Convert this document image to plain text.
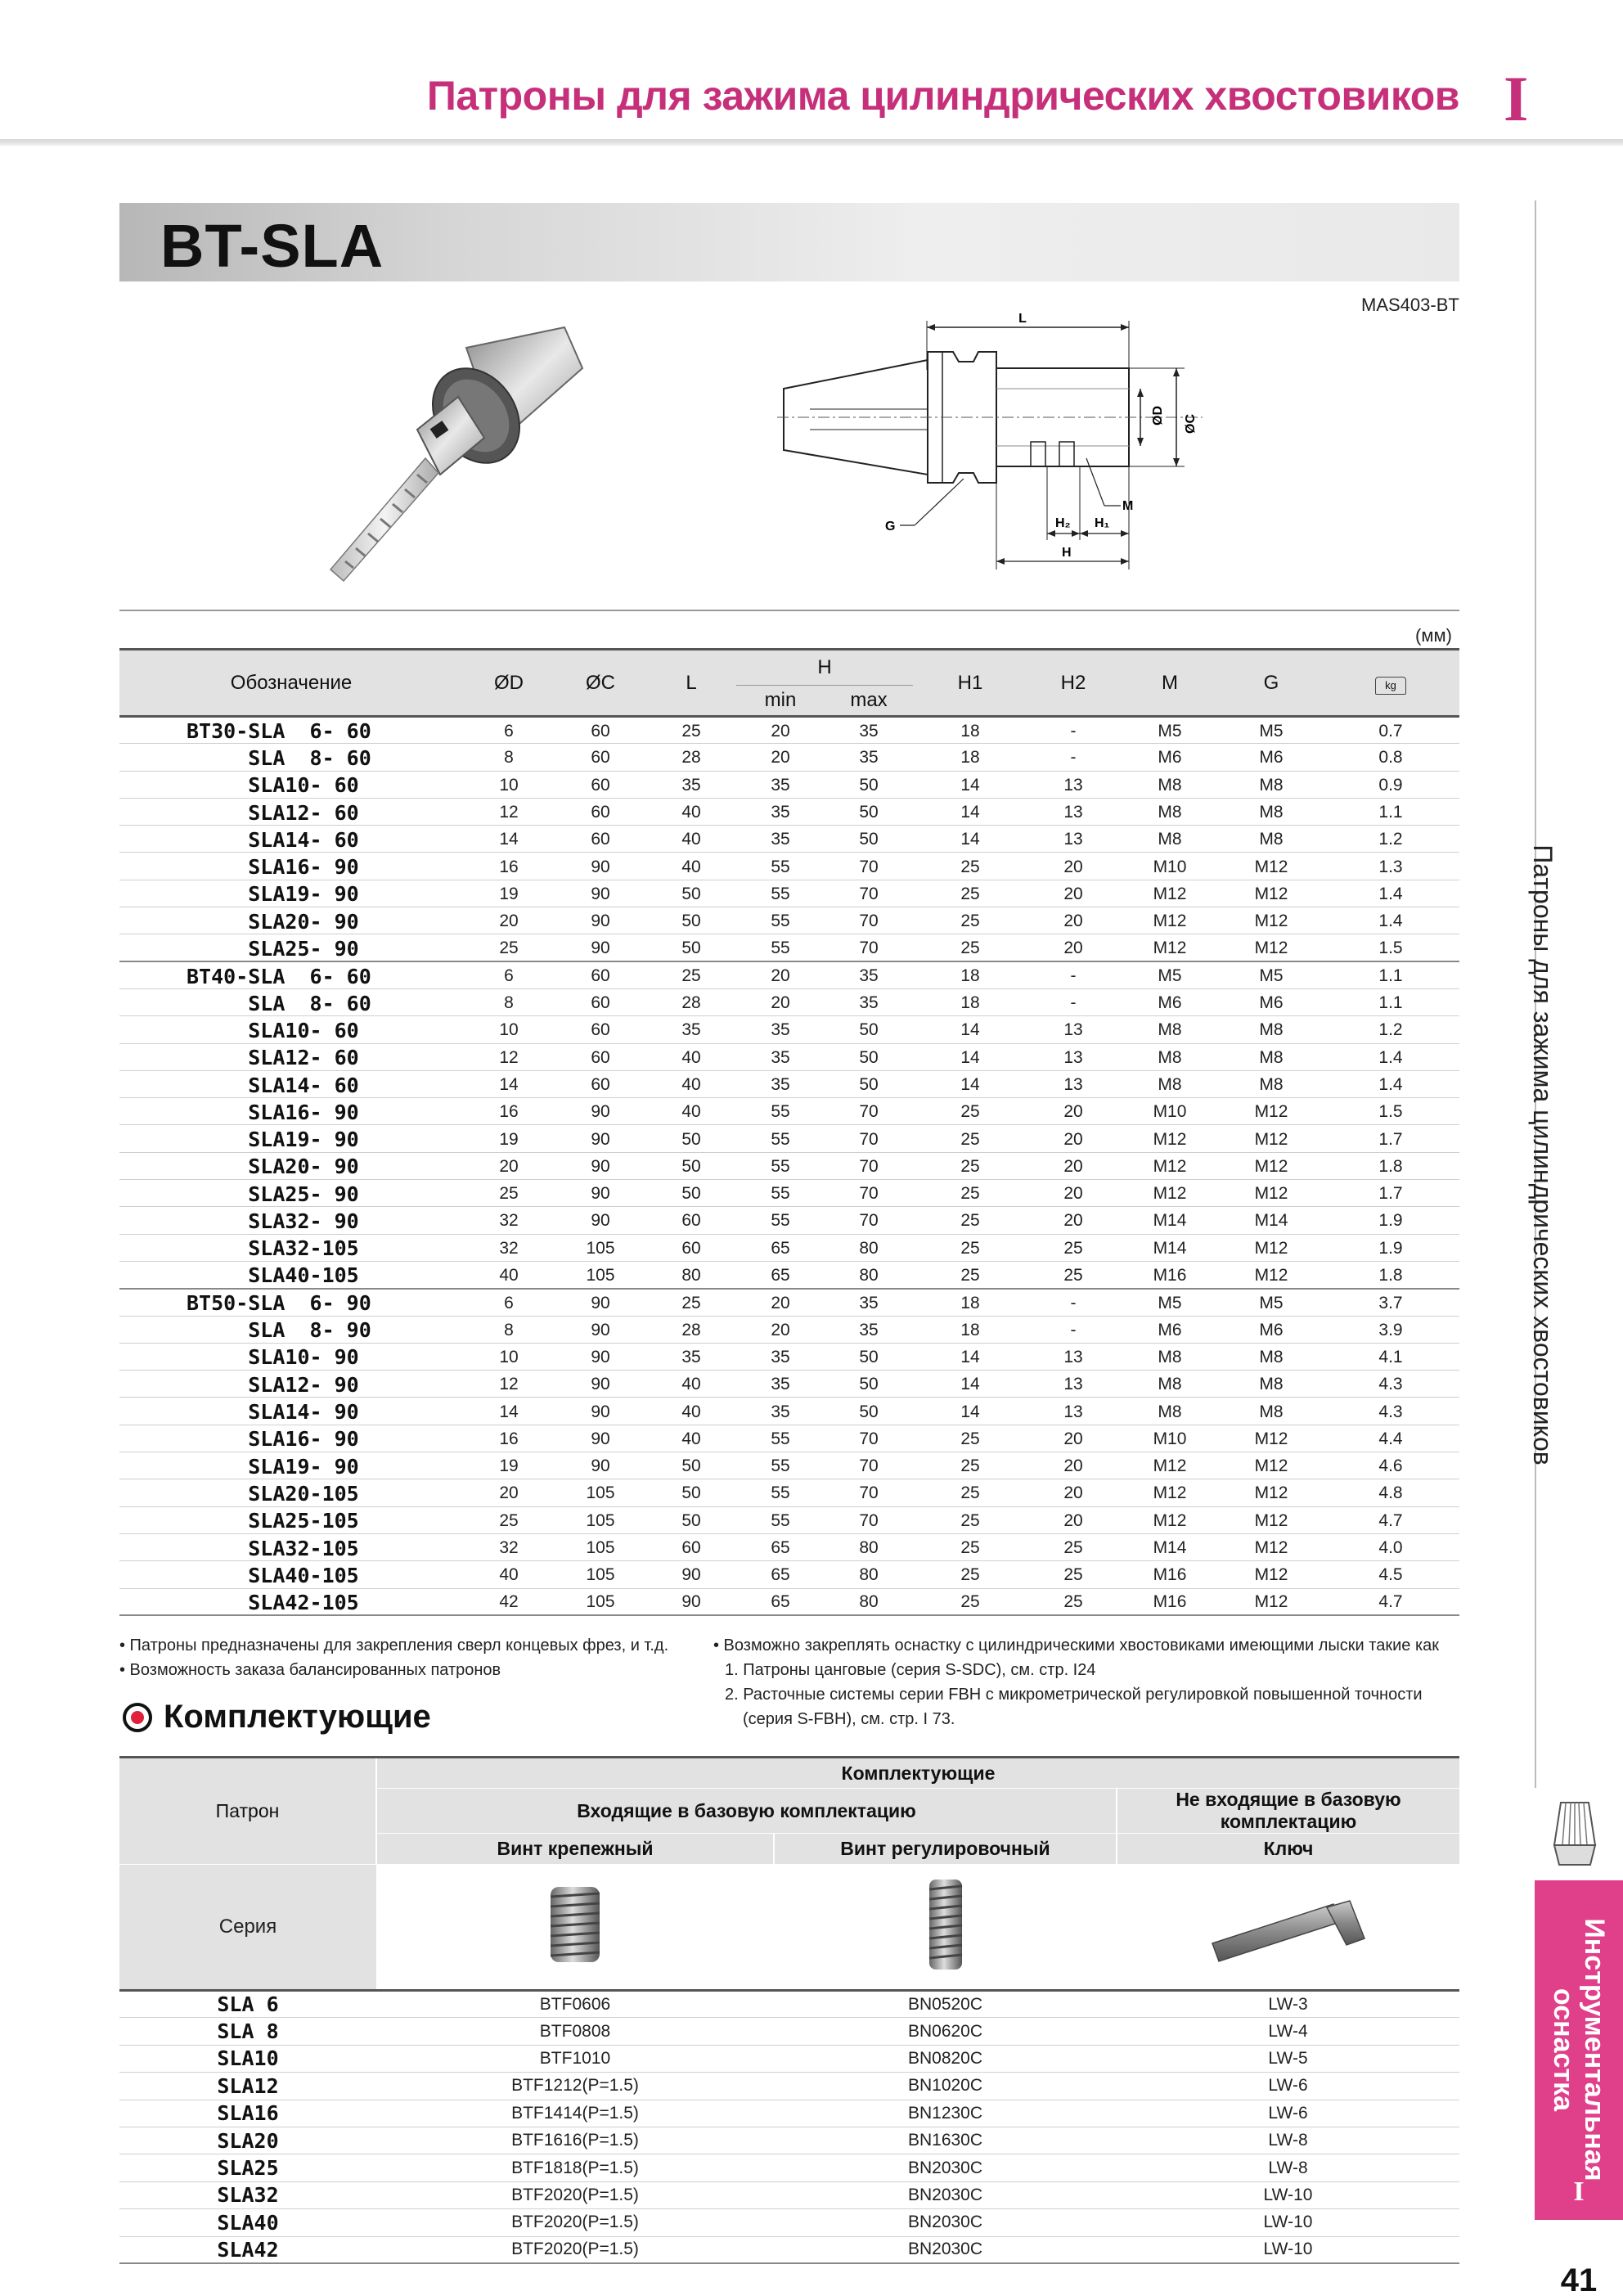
Патроны для зажима цилиндрических хвостовиков I
Патроны для зажима цилиндрических хвостовиков
Инструментальная
оснастка
I
41
BT-SLA
MAS403-BT
L
ØD ØC
M
G	H₂ H₁
H
(мм)
Обозначение	ØD	ØC	L	H		H1	H2	M	G	kg
				min	max					
BT30-SLA  6- 60	6	60	25	20	35	18	-	M5	M5	0.7
SLA  8- 60	8	60	28	20	35	18	-	M6	M6	0.8
SLA10- 60	10	60	35	35	50	14	13	M8	M8	0.9
SLA12- 60	12	60	40	35	50	14	13	M8	M8	1.1
SLA14- 60	14	60	40	35	50	14	13	M8	M8	1.2
SLA16- 90	16	90	40	55	70	25	20	M10	M12	1.3
SLA19- 90	19	90	50	55	70	25	20	M12	M12	1.4
SLA20- 90	20	90	50	55	70	25	20	M12	M12	1.4
SLA25- 90	25	90	50	55	70	25	20	M12	M12	1.5
BT40-SLA  6- 60	6	60	25	20	35	18	-	M5	M5	1.1
SLA  8- 60	8	60	28	20	35	18	-	M6	M6	1.1
SLA10- 60	10	60	35	35	50	14	13	M8	M8	1.2
SLA12- 60	12	60	40	35	50	14	13	M8	M8	1.4
SLA14- 60	14	60	40	35	50	14	13	M8	M8	1.4
SLA16- 90	16	90	40	55	70	25	20	M10	M12	1.5
SLA19- 90	19	90	50	55	70	25	20	M12	M12	1.7
SLA20- 90	20	90	50	55	70	25	20	M12	M12	1.8
SLA25- 90	25	90	50	55	70	25	20	M12	M12	1.7
SLA32- 90	32	90	60	55	70	25	20	M14	M14	1.9
SLA32-105	32	105	60	65	80	25	25	M14	M12	1.9
SLA40-105	40	105	80	65	80	25	25	M16	M12	1.8
BT50-SLA  6- 90	6	90	25	20	35	18	-	M5	M5	3.7
SLA  8- 90	8	90	28	20	35	18	-	M6	M6	3.9
SLA10- 90	10	90	35	35	50	14	13	M8	M8	4.1
SLA12- 90	12	90	40	35	50	14	13	M8	M8	4.3
SLA14- 90	14	90	40	35	50	14	13	M8	M8	4.3
SLA16- 90	16	90	40	55	70	25	20	M10	M12	4.4
SLA19- 90	19	90	50	55	70	25	20	M12	M12	4.6
SLA20-105	20	105	50	55	70	25	20	M12	M12	4.8
SLA25-105	25	105	50	55	70	25	20	M12	M12	4.7
SLA32-105	32	105	60	65	80	25	25	M14	M12	4.0
SLA40-105	40	105	90	65	80	25	25	M16	M12	4.5
SLA42-105	42	105	90	65	80	25	25	M16	M12	4.7
• Патроны предназначены для закрепления сверл концевых фрез, и т.д.
• Возможность заказа балансированных патронов
• Возможно закреплять оснастку с цилиндрическими хвостовиками имеющими лыски такие как
1. Патроны цанговые (серия S-SDC), см. стр. I24
2. Расточные системы серии FBH с микрометрической регулировкой повышенной точности
(серия S-FBH), см. стр. I 73.
Комплектующие
Патрон	Комплектующие		
	Входящие в базовую комплектацию		Не входящие в базовую комплектацию
	Винт крепежный	Винт регулировочный	Ключ
Серия			
SLA 6	BTF0606	BN0520C	LW-3
SLA 8	BTF0808	BN0620C	LW-4
SLA10	BTF1010	BN0820C	LW-5
SLA12	BTF1212(P=1.5)	BN1020C	LW-6
SLA16	BTF1414(P=1.5)	BN1230C	LW-6
SLA20	BTF1616(P=1.5)	BN1630C	LW-8
SLA25	BTF1818(P=1.5)	BN2030C	LW-8
SLA32	BTF2020(P=1.5)	BN2030C	LW-10
SLA40	BTF2020(P=1.5)	BN2030C	LW-10
SLA42	BTF2020(P=1.5)	BN2030C	LW-10
